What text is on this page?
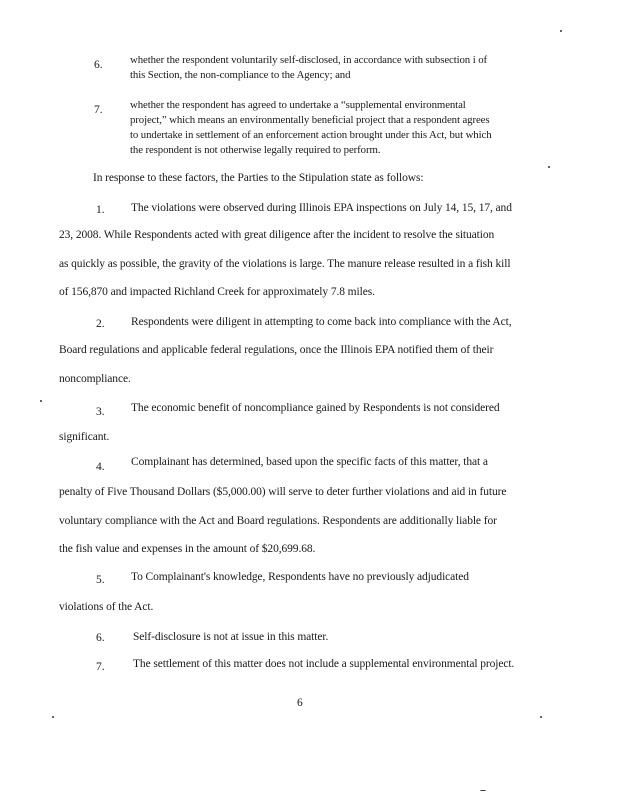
6.	whether the respondent voluntarily self-disclosed, in accordance with subsection i of
this Section, the non-compliance to the Agency; and
7.	whether the respondent has agreed to undertake a “supplemental environmental
project,” which means an environmentally beneficial project that a respondent agrees
to undertake in settlement of an enforcement action brought under this Act, but which
the respondent is not otherwise legally required to perform.
In response to these factors, the Parties to the Stipulation state as follows:
1. The violations were observed during Illinois EPA inspections on July 14, 15, 17, and
23, 2008. While Respondents acted with great diligence after the incident to resolve the situation
as quickly as possible, the gravity of the violations is large. The manure release resulted in a fish kill
of 156,870 and impacted Richland Creek for approximately 7.8 miles.
2. Respondents were diligent in attempting to come back into compliance with the Act,
Board regulations and applicable federal regulations, once the Illinois EPA notified them of their
noncompliance.
3. The economic benefit of noncompliance gained by Respondents is not considered
significant.
4. Complainant has determined, based upon the specific facts of this matter, that a
penalty of Five Thousand Dollars ($5,000.00) will serve to deter further violations and aid in future
voluntary compliance with the Act and Board regulations. Respondents are additionally liable for
the fish value and expenses in the amount of $20,699.68.
5. To Complainant's knowledge, Respondents have no previously adjudicated
violations of the Act.
6. Self-disclosure is not at issue in this matter.
7. The settlement of this matter does not include a supplemental environmental project.
6
